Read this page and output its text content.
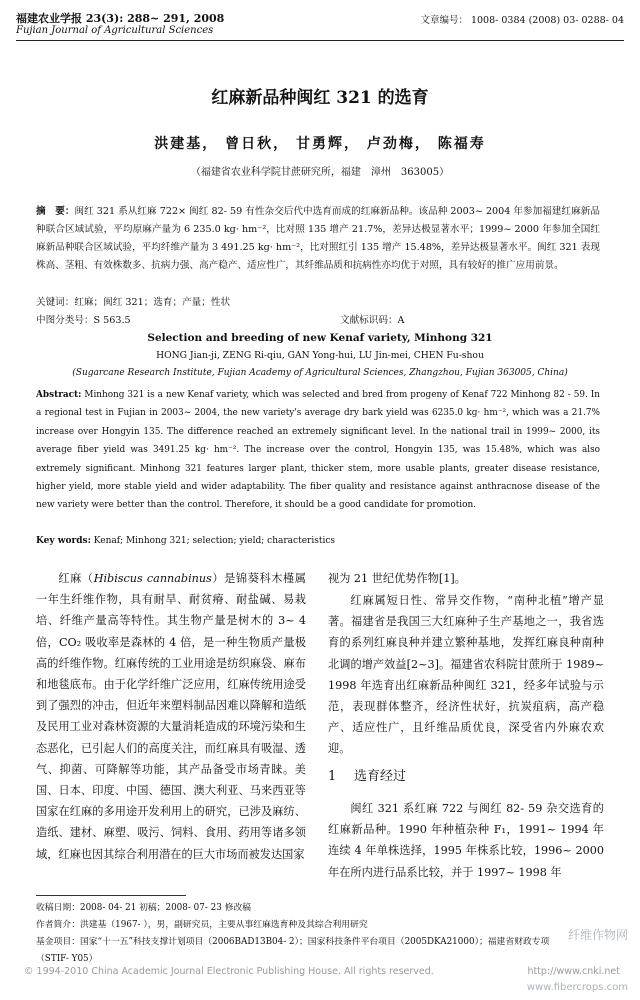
福建农业学报 23(3): 288~ 291, 2008
Fujian Journal of Agricultural Sciences
文章编号： 1008- 0384 (2008) 03- 0288- 04
红麻新品种闽红 321 的选育
洪建基， 曾日秋， 甘勇辉， 卢劲梅， 陈福寿
（福建省农业科学院甘蔗研究所，福建　漳州　363005）
摘　要：闽红 321 系从红麻 722× 闽红 82- 59 有性杂交后代中选育而成的红麻新品种。该品种 2003~ 2004 年参加福建红麻新品种联合区域试验，平均原麻产量为 6 235.0 kg· hm⁻²，比对照 135 增产 21.7%，差异达极显著水平；1999~ 2000 年参加全国红麻新品种联合区域试验，平均纤维产量为 3 491.25 kg· hm⁻²，比对照红引 135 增产 15.48%，差异达极显著水平。闽红 321 表现株高、茎粗、有效株数多、抗病力强、高产稳产、适应性广，其纤维品质和抗病性亦均优于对照，具有较好的推广应用前景。
关键词：红麻；闽红 321；选育；产量；性状
中图分类号：S 563.5	文献标识码：A
Selection and breeding of new Kenaf variety, Minhong 321
HONG Jian-ji, ZENG Ri-qiu, GAN Yong-hui, LU Jin-mei, CHEN Fu-shou
(Sugarcane Research Institute, Fujian Academy of Agricultural Sciences, Zhangzhou, Fujian 363005, China)
Abstract: Minhong 321 is a new Kenaf variety, which was selected and bred from progeny of Kenaf 722 Minhong 82 - 59. In a regional test in Fujian in 2003~ 2004, the new variety's average dry bark yield was 6235.0 kg· hm⁻², which was a 21.7% increase over Hongyin 135. The difference reached an extremely significant level. In the national trail in 1999~ 2000, its average fiber yield was 3491.25 kg· hm⁻². The increase over the control, Hongyin 135, was 15.48%, which was also extremely significant. Minhong 321 features larger plant, thicker stem, more usable plants, greater disease resistance, higher yield, more stable yield and wider adaptability. The fiber quality and resistance against anthracnose disease of the new variety were better than the control. Therefore, it should be a good candidate for promotion.
Key words: Kenaf; Minhong 321; selection; yield; characteristics
红麻（Hibiscus cannabinus）是锦葵科木槿属一年生纤维作物，具有耐旱、耐贫瘠、耐盐碱、易栽培、纤维产量高等特性。其生物产量是树木的 3~ 4 倍，CO₂ 吸收率是森林的 4 倍，是一种生物质产量极高的纤维作物。红麻传统的工业用途是纺织麻袋、麻布和地毯底布。由于化学纤维广泛应用，红麻传统用途受到了强烈的冲击，但近年来塑料制品因难以降解和造纸及民用工业对森林资源的大量消耗造成的环境污染和生态恶化，已引起人们的高度关注，而红麻具有吸湿、透气、抑菌、可降解等功能，其产品备受市场青睐。美国、日本、印度、中国、德国、澳大利亚、马来西亚等国家在红麻的多用途开发利用上的研究，已涉及麻纺、造纸、建材、麻塑、吸污、饲料、食用、药用等诸多领域，红麻也因其综合利用潜在的巨大市场而被发达国家
视为 21 世纪优势作物[1]。
红麻属短日性、常异交作物，“南种北植”增产显著。福建省是我国三大红麻种子生产基地之一，我省选育的系列红麻良种并建立繁种基地，发挥红麻良种南种北调的增产效益[2~3]。福建省农科院甘蔗所于 1989~ 1998 年选育出红麻新品种闽红 321，经多年试验与示范，表现群体整齐，经济性状好，抗炭疽病，高产稳产、适应性广，且纤维品质优良，深受省内外麻农欢迎。
1 选育经过
闽红 321 系红麻 722 与闽红 82- 59 杂交选育的红麻新品种。1990 年种植杂种 F₁，1991~ 1994 年连续 4 年单株选择，1995 年株系比较，1996~ 2000 年在所内进行品系比较，并于 1997~ 1998 年
收稿日期：2008- 04- 21 初稿；2008- 07- 23 修改稿
作者简介：洪建基（1967- ），男，副研究员，主要从事红麻选育种及其综合利用研究
基金项目：国家“十一五”科技支撑计划项目（2006BAD13B04- 2）；国家科技条件平台项目（2005DKA21000）；福建省财政专项
（STIF- Y05）
纤维作物网
© 1994-2010 China Academic Journal Electronic Publishing House. All rights reserved.	http://www.cnki.net
www.fibercrops.com
